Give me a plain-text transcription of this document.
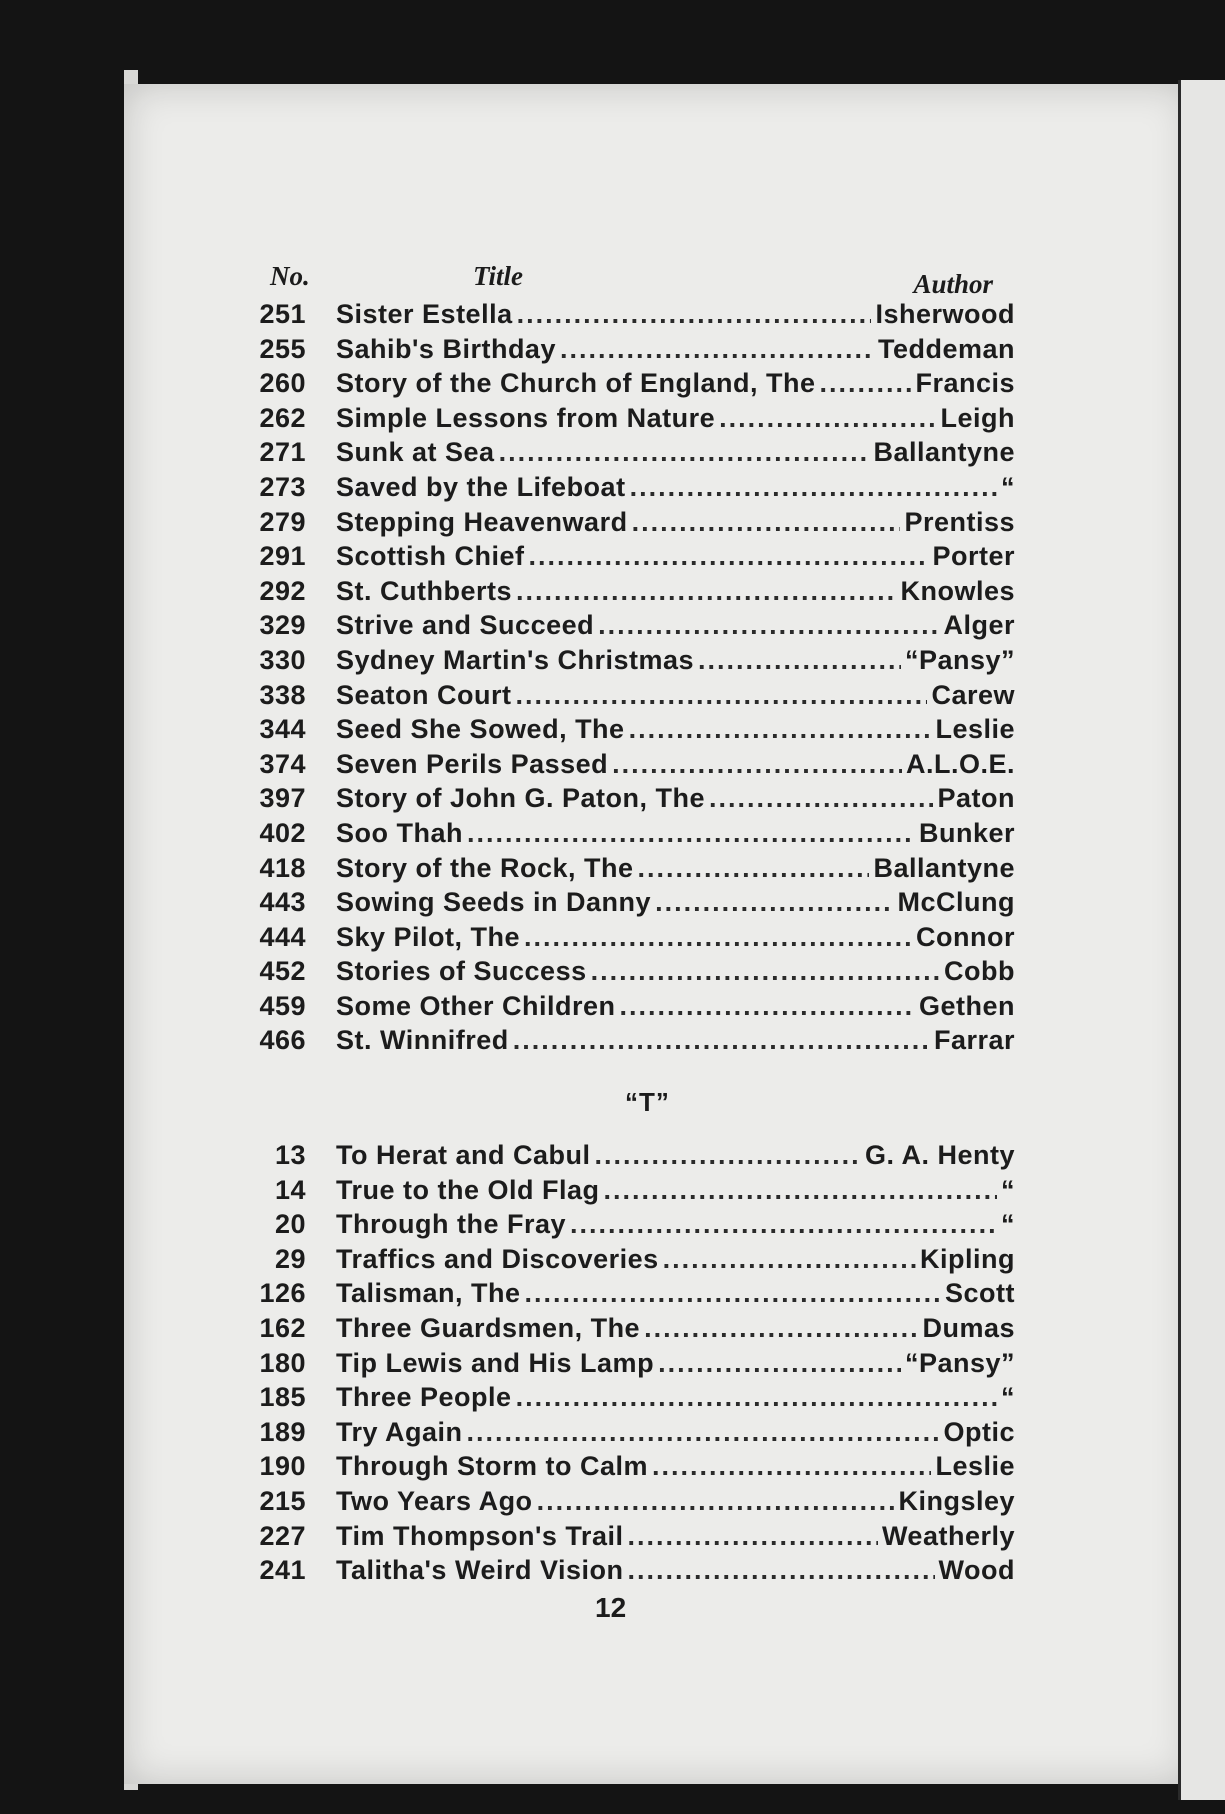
No.	Title	Author
251 Sister Estella .....	Isherwood
255 Sahib's Birthday .....	Teddeman
260 Story of the Church of England, The .....	Francis
262 Simple Lessons from Nature .....	Leigh
271 Sunk at Sea .....	Ballantyne
273 Saved by the Lifeboat .....	“
279 Stepping Heavenward .....	Prentiss
291 Scottish Chief .....	Porter
292 St. Cuthberts .....	Knowles
329 Strive and Succeed .....	Alger
330 Sydney Martin's Christmas .....	“Pansy”
338 Seaton Court .....	Carew
344 Seed She Sowed, The .....	Leslie
374 Seven Perils Passed .....	A.L.O.E.
397 Story of John G. Paton, The .....	Paton
402 Soo Thah .....	Bunker
418 Story of the Rock, The .....	Ballantyne
443 Sowing Seeds in Danny .....	McClung
444 Sky Pilot, The .....	Connor
452 Stories of Success .....	Cobb
459 Some Other Children .....	Gethen
466 St. Winnifred .....	Farrar
“T”
13 To Herat and Cabul .....	G. A. Henty
14 True to the Old Flag .....	“
20 Through the Fray .....	“
29 Traffics and Discoveries .....	Kipling
126 Talisman, The .....	Scott
162 Three Guardsmen, The .....	Dumas
180 Tip Lewis and His Lamp .....	“Pansy”
185 Three People .....	“
189 Try Again .....	Optic
190 Through Storm to Calm .....	Leslie
215 Two Years Ago .....	Kingsley
227 Tim Thompson's Trail .....	Weatherly
241 Talitha's Weird Vision .....	Wood
12
